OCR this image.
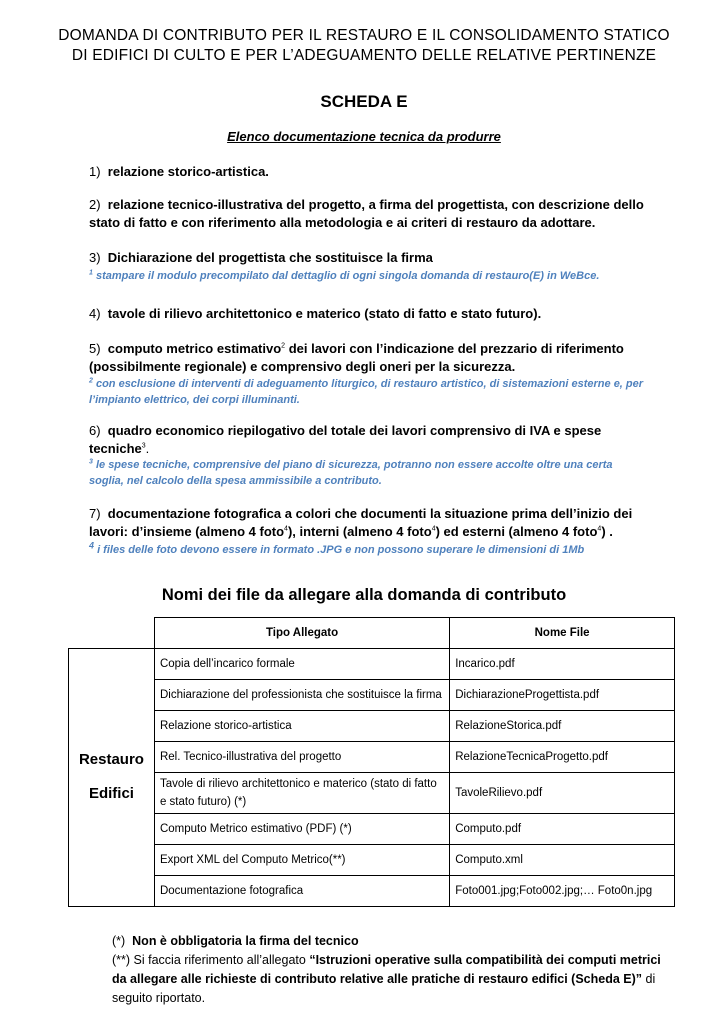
DOMANDA DI CONTRIBUTO PER IL RESTAURO E IL CONSOLIDAMENTO STATICO
DI EDIFICI DI CULTO E PER L’ADEGUAMENTO DELLE RELATIVE PERTINENZE
SCHEDA E
Elenco documentazione tecnica da produrre
1) relazione storico-artistica.
2) relazione tecnico-illustrativa del progetto, a firma del progettista, con descrizione dello stato di fatto e con riferimento alla metodologia e ai criteri di restauro da adottare.
3) Dichiarazione del progettista che sostituisce la firma
$^1$ stampare il modulo precompilato dal dettaglio di ogni singola domanda di restauro(E) in WeBce.
4) tavole di rilievo architettonico e materico (stato di fatto e stato futuro).
5) computo metrico estimativo$^2$ dei lavori con l’indicazione del prezzario di riferimento (possibilmente regionale) e comprensivo degli oneri per la sicurezza.
$^2$ con esclusione di interventi di adeguamento liturgico, di restauro artistico, di sistemazioni esterne e, per l’impianto elettrico, dei corpi illuminanti.
6) quadro economico riepilogativo del totale dei lavori comprensivo di IVA e spese tecniche$^3$.
$^3$ le spese tecniche, comprensive del piano di sicurezza, potranno non essere accolte oltre una certa soglia, nel calcolo della spesa ammissibile a contributo.
7) documentazione fotografica a colori che documenti la situazione prima dell’inizio dei lavori: d’insieme (almeno 4 foto$^4$), interni (almeno 4 foto$^4$) ed esterni (almeno 4 foto$^4$) .
$^4$ i files delle foto devono essere in formato .JPG e non possono superare le dimensioni di 1Mb
Nomi dei file da allegare alla domanda di contributo
	Tipo Allegato	Nome File

Restauro
Edifici	Copia dell’incarico formale	Incarico.pdf
	Dichiarazione del professionista che sostituisce la firma	DichiarazioneProgettista.pdf
	Relazione storico-artistica	RelazioneStorica.pdf
	Rel. Tecnico-illustrativa del progetto	RelazioneTecnicaProgetto.pdf
	Tavole di rilievo architettonico e materico (stato di fatto e stato futuro) (*)	TavoleRilievo.pdf
	Computo Metrico estimativo (PDF) (*)	Computo.pdf
	Export XML del Computo Metrico(**)	Computo.xml
	Documentazione fotografica	Foto001.jpg;Foto002.jpg;… Foto0n.jpg
(*) Non è obbligatoria la firma del tecnico
(**) Si faccia riferimento all’allegato “Istruzioni operative sulla compatibilità dei computi metrici da allegare alle richieste di contributo relative alle pratiche di restauro edifici (Scheda E)” di seguito riportato.
